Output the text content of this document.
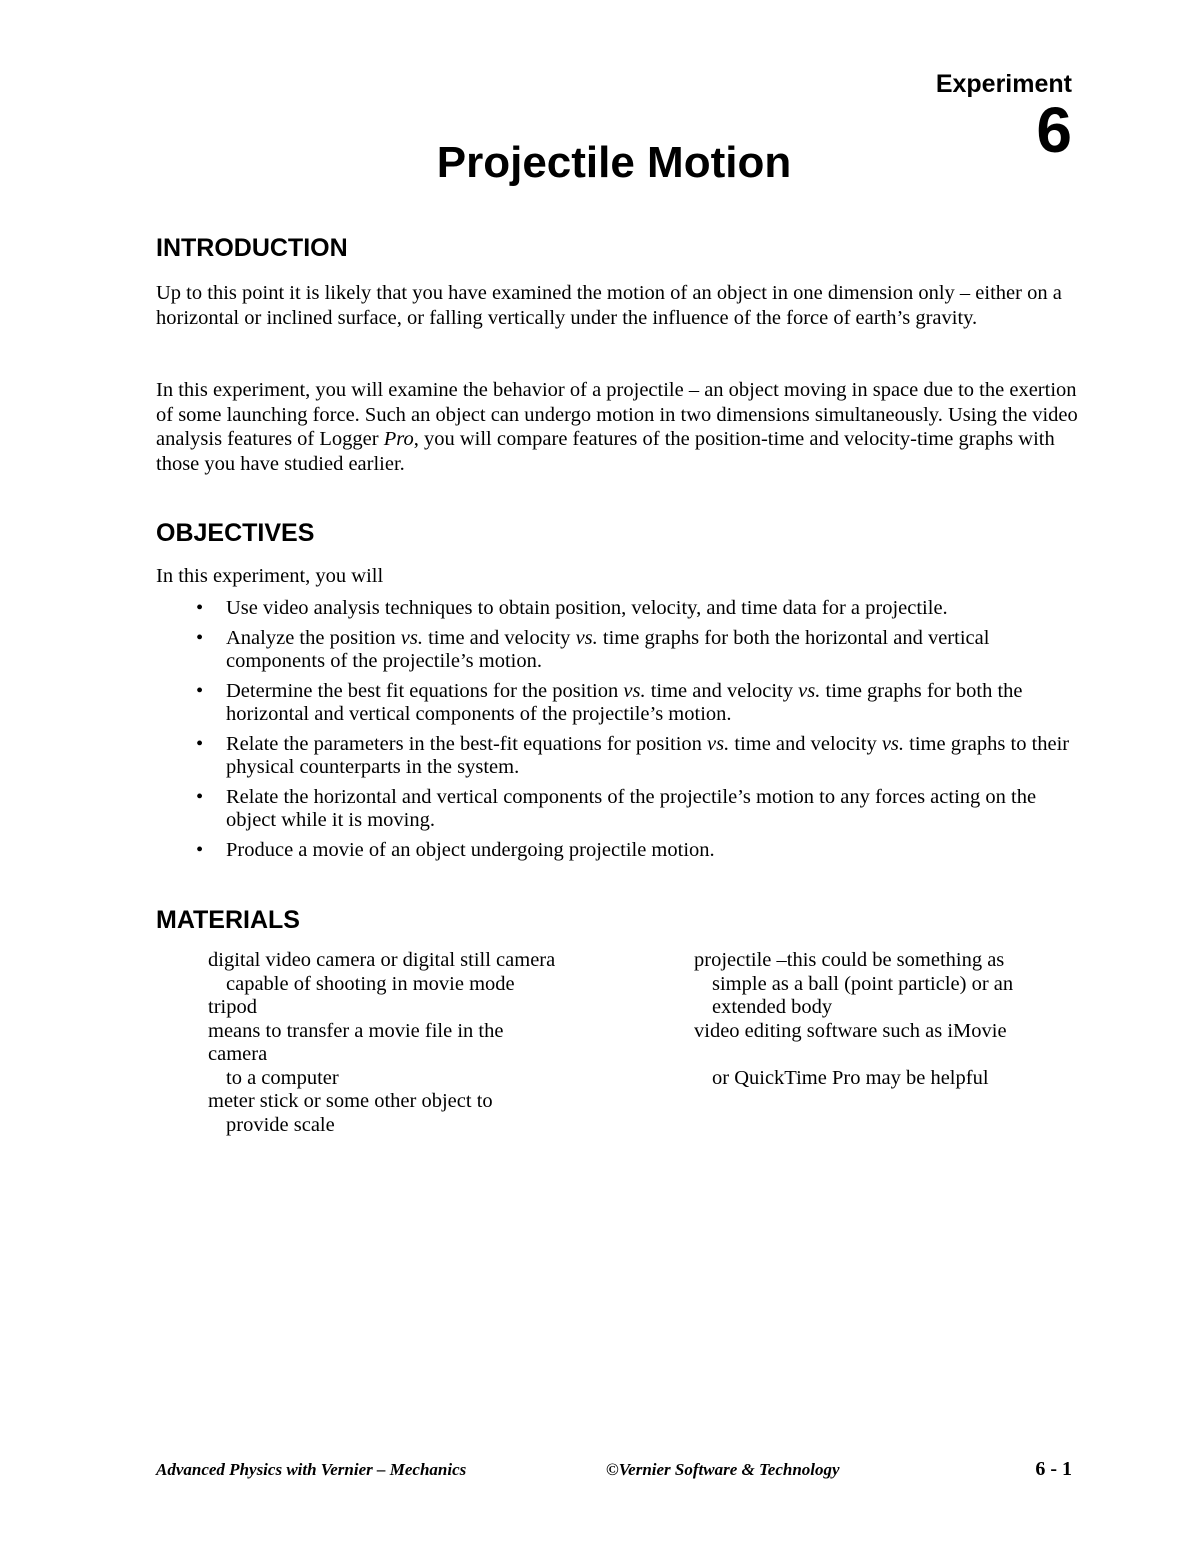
Experiment
6
Projectile Motion
INTRODUCTION

Up to this point it is likely that you have examined the motion of an object in one dimension only – either on a horizontal or inclined surface, or falling vertically under the influence of the force of earth’s gravity.

In this experiment, you will examine the behavior of a projectile – an object moving in space due to the exertion of some launching force. Such an object can undergo motion in two dimensions simultaneously. Using the video analysis features of Logger Pro, you will compare features of the position-time and velocity-time graphs with those you have studied earlier.

OBJECTIVES

In this experiment, you will

• Use video analysis techniques to obtain position, velocity, and time data for a projectile.
• Analyze the position vs. time and velocity vs. time graphs for both the horizontal and vertical components of the projectile’s motion.
• Determine the best fit equations for the position vs. time and velocity vs. time graphs for both the horizontal and vertical components of the projectile’s motion.
• Relate the parameters in the best-fit equations for position vs. time and velocity vs. time graphs to their physical counterparts in the system.
• Relate the horizontal and vertical components of the projectile’s motion to any forces acting on the object while it is moving.
• Produce a movie of an object undergoing projectile motion.
MATERIALS
digital video camera or digital still camera
capable of shooting in movie mode
tripod
means to transfer a movie file in the
camera
to a computer
meter stick or some other object to
provide scale
projectile –this could be something as
simple as a ball (point particle) or an
extended body
video editing software such as iMovie
or QuickTime Pro may be helpful
Advanced Physics with Vernier – Mechanics	©Vernier Software & Technology	6 - 1
